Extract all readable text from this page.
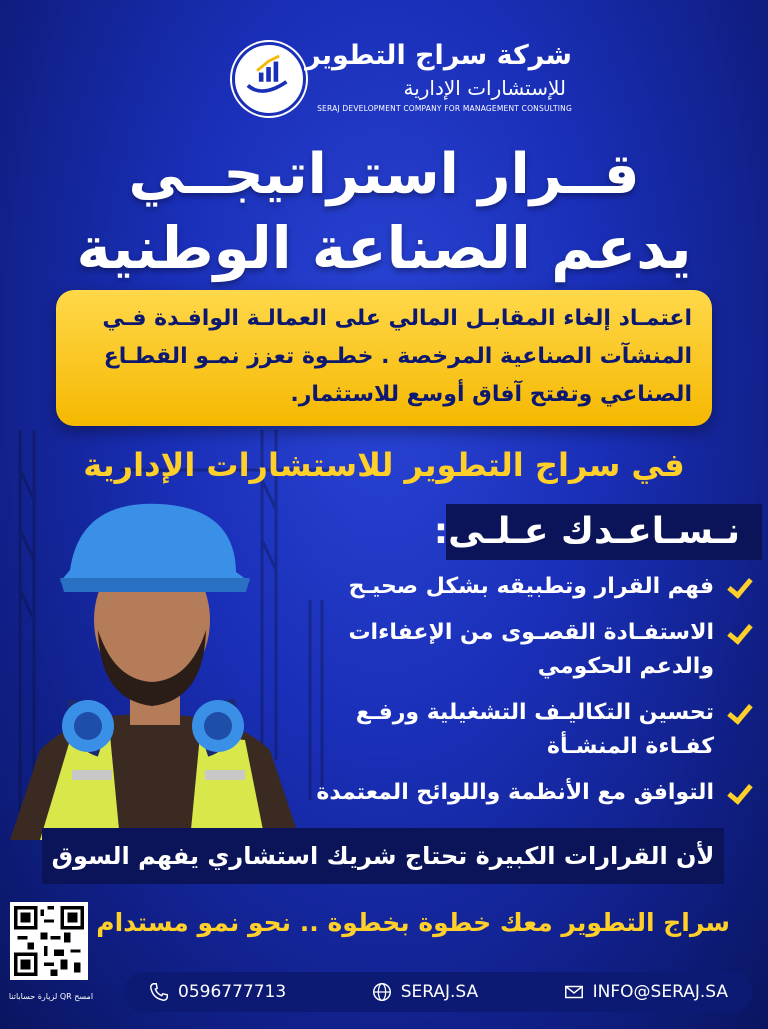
شركة سراج التطوير
للإستشارات الإدارية
SERAJ DEVELOPMENT COMPANY FOR MANAGEMENT CONSULTING
قــرار استراتيجــي
يدعم الصناعة الوطنية

اعتمـاد إلغاء المقابـل المالي على العمالـة الوافـدة فـي

المنشآت الصناعية المرخصة . خطـوة تعزز نمـو القطـاع

الصناعي وتفتح آفاق أوسع للاستثمار.

في سراج التطوير للاستشارات الإدارية
نـسـاعـدك عـلـى:
فهم القرار وتطبيقه بشكل صحيـح
الاستفـادة القصـوى من الإعفاءات والدعم الحكومي
تحسين التكاليـف التشغيلية ورفـع كفـاءة المنشـأة
التوافق مع الأنظمة واللوائح المعتمدة
لأن القرارات الكبيرة تحتاج شريك استشاري يفهم السوق
امسح QR لزيارة حساباتنا
سراج التطوير معك خطوة بخطوة .. نحو نمو مستدام
0596777713	SERAJ.SA	INFO@SERAJ.SA
